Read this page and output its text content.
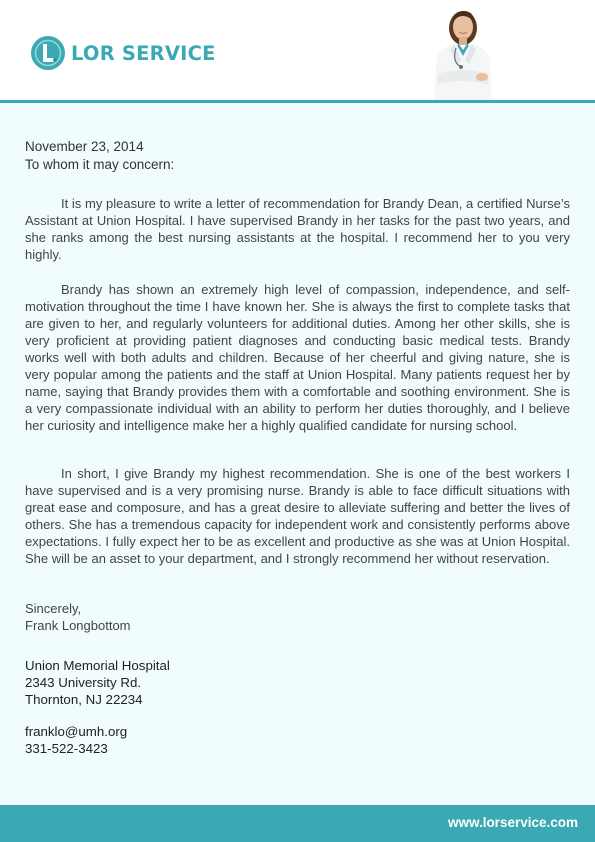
LOR SERVICE
November 23, 2014
To whom it may concern:

It is my pleasure to write a letter of recommendation for Brandy Dean, a certified Nurse’s Assistant at Union Hospital. I have supervised Brandy in her tasks for the past two years, and she ranks among the best nursing assistants at the hospital. I recommend her to you very highly.

Brandy has shown an extremely high level of compassion, independence, and self-motivation throughout the time I have known her. She is always the first to complete tasks that are given to her, and regularly volunteers for additional duties. Among her other skills, she is very proficient at providing patient diagnoses and conducting basic medical tests. Brandy works well with both adults and children. Because of her cheerful and giving nature, she is very popular among the patients and the staff at Union Hospital. Many patients request her by name, saying that Brandy provides them with a comfortable and soothing environment. She is a very compassionate individual with an ability to perform her duties thoroughly, and I believe her curiosity and intelligence make her a highly qualified candidate for nursing school.

In short, I give Brandy my highest recommendation. She is one of the best workers I have supervised and is a very promising nurse. Brandy is able to face difficult situations with great ease and composure, and has a great desire to alleviate suffering and better the lives of others. She has a tremendous capacity for independent work and consistently performs above expectations. I fully expect her to be as excellent and productive as she was at Union Hospital. She will be an asset to your department, and I strongly recommend her without reservation.

Sincerely,
Frank Longbottom
Union Memorial Hospital
2343 University Rd.
Thornton, NJ 22234
franklo@umh.org
331-522-3423
www.lorservice.com
